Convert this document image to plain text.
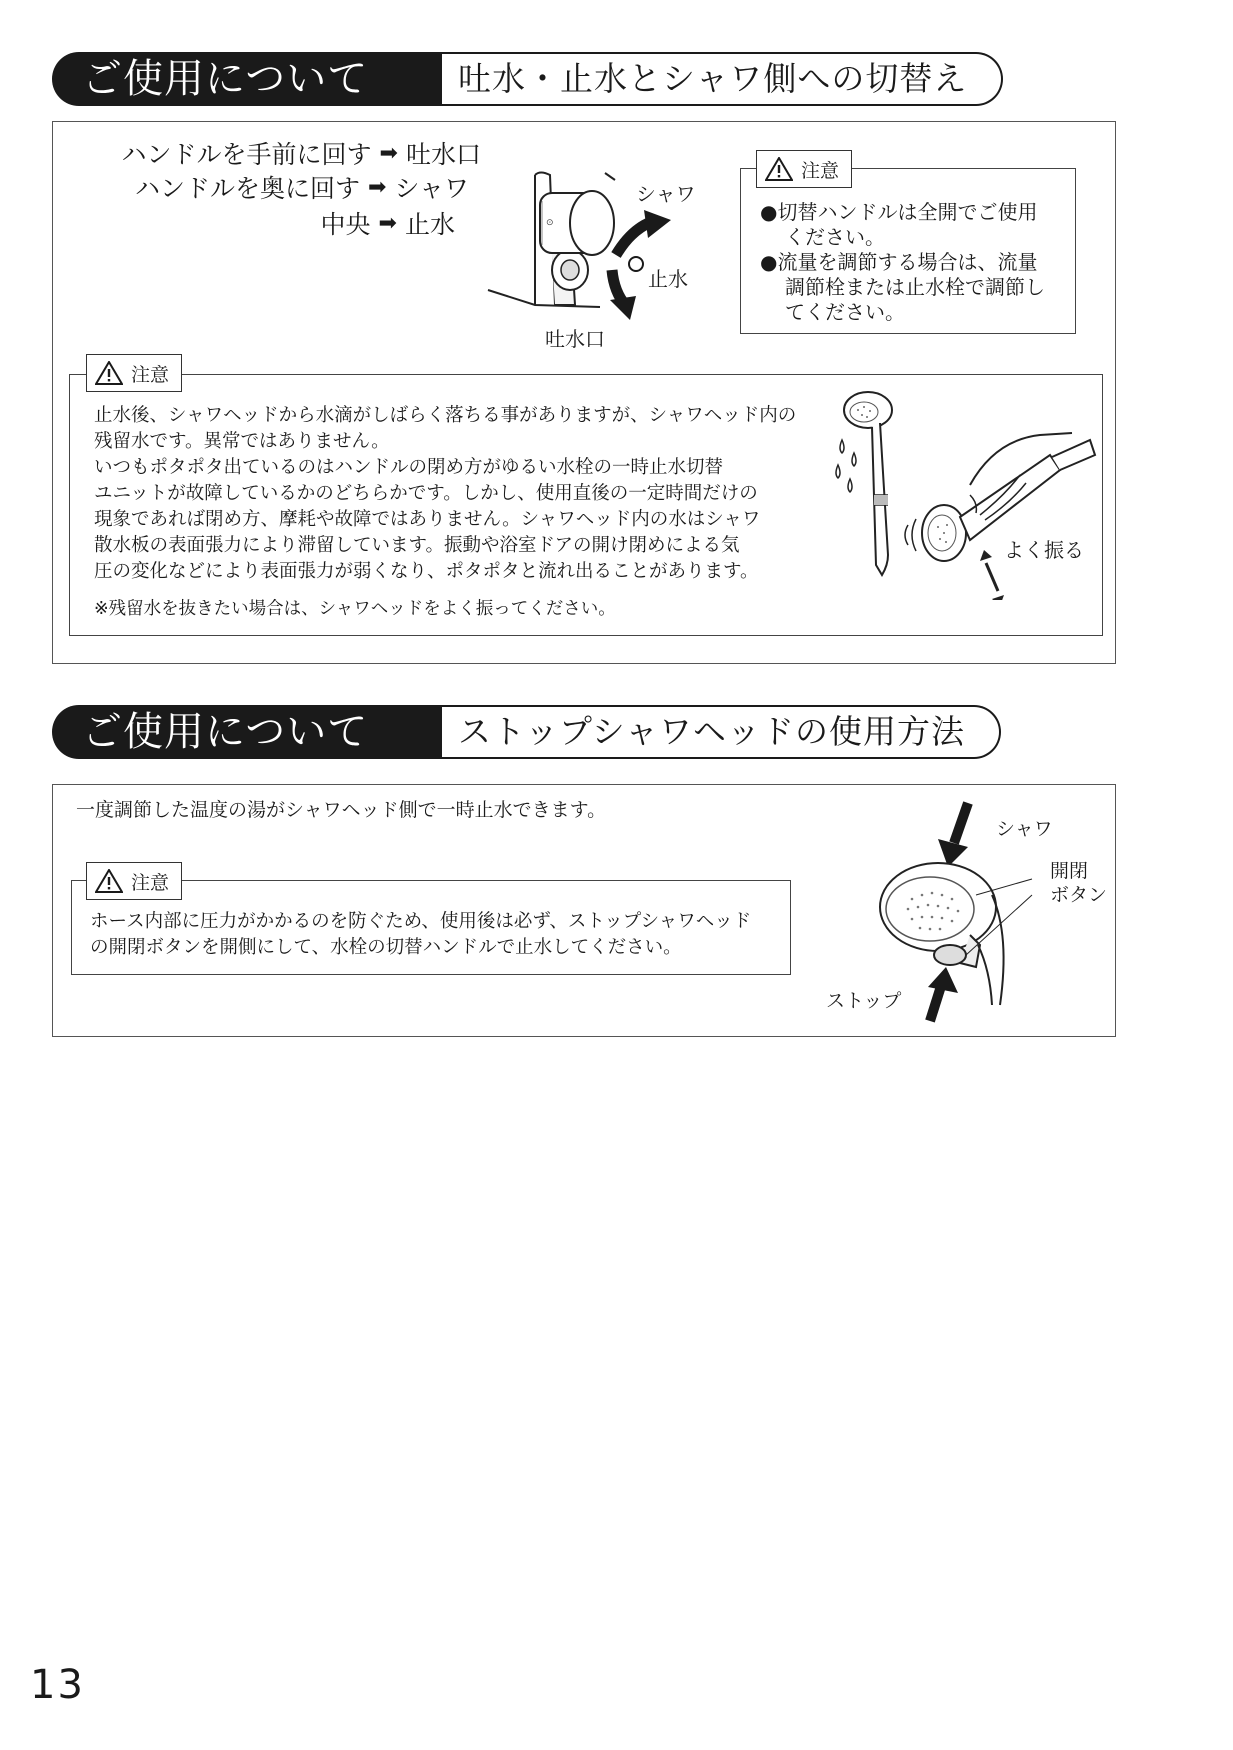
ご使用について	吐水・止水とシャワ側への切替え
ハンドルを手前に回す ➡ 吐水口
ハンドルを奥に回す ➡ シャワ
中央 ➡ 止水	⊙
シャワ
止水
吐水口
注意
●切替ハンドルは全開でご使用
ください。
●流量を調節する場合は、流量
調節栓または止水栓で調節し
てください。
注意
止水後、シャワヘッドから水滴がしばらく落ちる事がありますが、シャワヘッド内の
残留水です。異常ではありません。
いつもポタポタ出ているのはハンドルの閉め方がゆるい水栓の一時止水切替
ユニットが故障しているかのどちらかです。しかし、使用直後の一定時間だけの
現象であれば閉め方、摩耗や故障ではありません。シャワヘッド内の水はシャワ
散水板の表面張力により滞留しています。振動や浴室ドアの開け閉めによる気
圧の変化などにより表面張力が弱くなり、ポタポタと流れ出ることがあります。
※残留水を抜きたい場合は、シャワヘッドをよく振ってください。
よく振る
ご使用について	ストップシャワヘッドの使用方法
一度調節した温度の湯がシャワヘッド側で一時止水できます。
注意
ホース内部に圧力がかかるのを防ぐため、使用後は必ず、ストップシャワヘッド
の開閉ボタンを開側にして、水栓の切替ハンドルで止水してください。
シャワ
開閉
ボタン
ストップ
13
